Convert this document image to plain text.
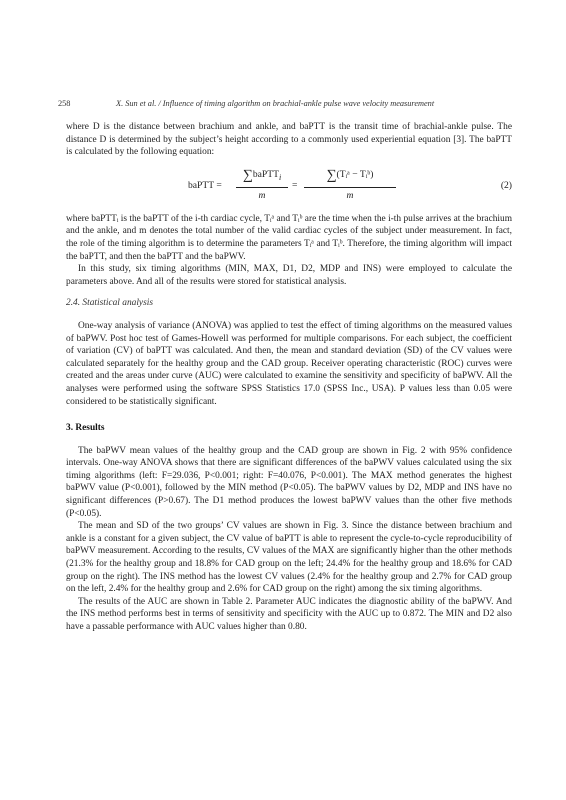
258	X. Sun et al. / Influence of timing algorithm on brachial-ankle pulse wave velocity measurement

where D is the distance between brachium and ankle, and baPTT is the transit time of brachial-ankle pulse. The distance D is determined by the subject’s height according to a commonly used experiential equation [3]. The baPTT is calculated by the following equation:

baPTT =
∑baPTT$_i$
m
=
∑(Tᵢᵃ − Tᵢᵇ)
m
(2)

where baPTTᵢ is the baPTT of the i-th cardiac cycle, Tᵢᵃ and Tᵢᵇ are the time when the i-th pulse arrives at the brachium and the ankle, and m denotes the total number of the valid cardiac cycles of the subject under measurement. In fact, the role of the timing algorithm is to determine the parameters Tᵢᵃ and Tᵢᵇ. Therefore, the timing algorithm will impact the baPTT, and then the baPTT and the baPWV.

In this study, six timing algorithms (MIN, MAX, D1, D2, MDP and INS) were employed to calculate the parameters above. And all of the results were stored for statistical analysis.

2.4. Statistical analysis

One-way analysis of variance (ANOVA) was applied to test the effect of timing algorithms on the measured values of baPWV. Post hoc test of Games-Howell was performed for multiple comparisons. For each subject, the coefficient of variation (CV) of baPTT was calculated. And then, the mean and standard deviation (SD) of the CV values were calculated separately for the healthy group and the CAD group. Receiver operating characteristic (ROC) curves were created and the areas under curve (AUC) were calculated to examine the sensitivity and specificity of baPWV. All the analyses were performed using the software SPSS Statistics 17.0 (SPSS Inc., USA). P values less than 0.05 were considered to be statistically significant.

3. Results

The baPWV mean values of the healthy group and the CAD group are shown in Fig. 2 with 95% confidence intervals. One-way ANOVA shows that there are significant differences of the baPWV values calculated using the six timing algorithms (left: F=29.036, P<0.001; right: F=40.076, P<0.001). The MAX method generates the highest baPWV value (P<0.001), followed by the MIN method (P<0.05). The baPWV values by D2, MDP and INS have no significant differences (P>0.67). The D1 method produces the lowest baPWV values than the other five methods (P<0.05).

The mean and SD of the two groups’ CV values are shown in Fig. 3. Since the distance between brachium and ankle is a constant for a given subject, the CV value of baPTT is able to represent the cycle-to-cycle reproducibility of baPWV measurement. According to the results, CV values of the MAX are significantly higher than the other methods (21.3% for the healthy group and 18.8% for CAD group on the left; 24.4% for the healthy group and 18.6% for CAD group on the right). The INS method has the lowest CV values (2.4% for the healthy group and 2.7% for CAD group on the left, 2.4% for the healthy group and 2.6% for CAD group on the right) among the six timing algorithms.

The results of the AUC are shown in Table 2. Parameter AUC indicates the diagnostic ability of the baPWV. And the INS method performs best in terms of sensitivity and specificity with the AUC up to 0.872. The MIN and D2 also have a passable performance with AUC values higher than 0.80.
